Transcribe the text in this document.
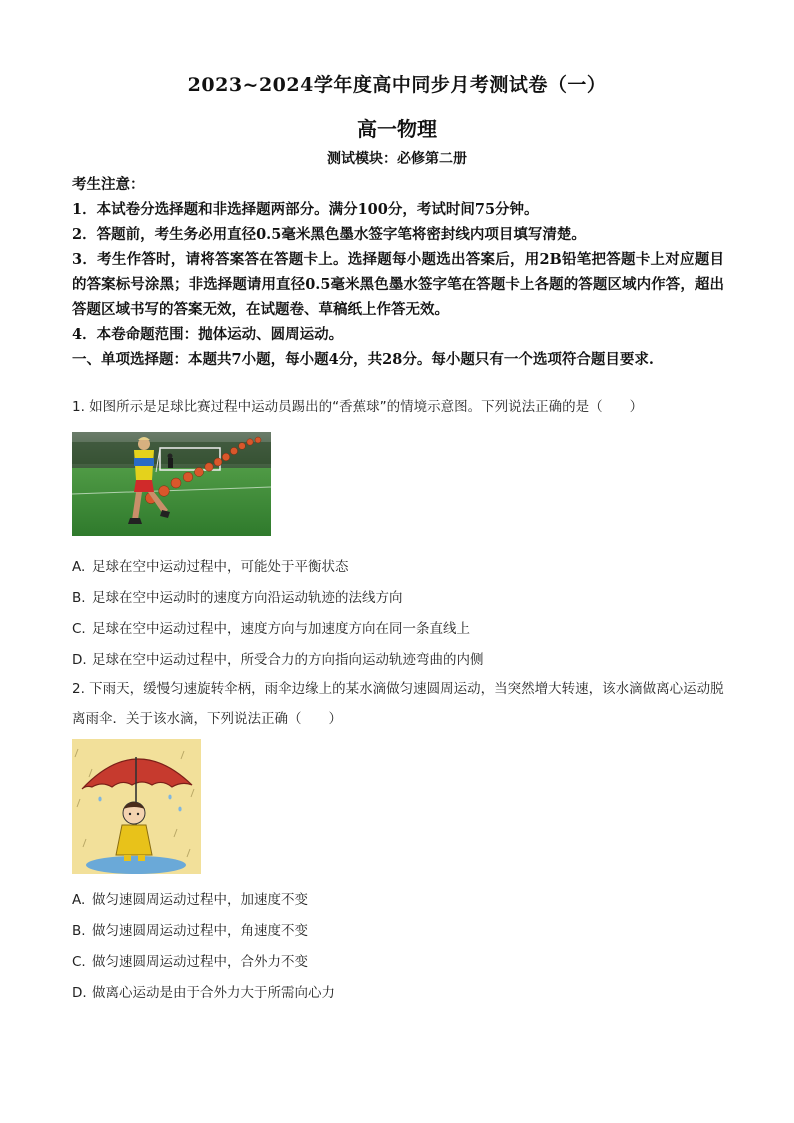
2023~2024学年度高中同步月考测试卷（一）
高一物理
测试模块：必修第二册

考生注意：

1．本试卷分选择题和非选择题两部分。满分100分，考试时间75分钟。

2．答题前，考生务必用直径0.5毫米黑色墨水签字笔将密封线内项目填写清楚。

3．考生作答时，请将答案答在答题卡上。选择题每小题选出答案后，用2B铅笔把答题卡上对应题目的答案标号涂黑；非选择题请用直径0.5毫米黑色墨水签字笔在答题卡上各题的答题区域内作答，超出答题区域书写的答案无效，在试题卷、草稿纸上作答无效。

4．本卷命题范围：抛体运动、圆周运动。

一、单项选择题：本题共7小题，每小题4分，共28分。每小题只有一个选项符合题目要求.

1. 如图所示是足球比赛过程中运动员踢出的“香蕉球”的情境示意图。下列说法正确的是（　　）
A. 足球在空中运动过程中，可能处于平衡状态
B. 足球在空中运动时的速度方向沿运动轨迹的法线方向
C. 足球在空中运动过程中，速度方向与加速度方向在同一条直线上
D. 足球在空中运动过程中，所受合力的方向指向运动轨迹弯曲的内侧
2. 下雨天，缓慢匀速旋转伞柄，雨伞边缘上的某水滴做匀速圆周运动，当突然增大转速，该水滴做离心运动脱离雨伞．关于该水滴，下列说法正确（　　）
A. 做匀速圆周运动过程中，加速度不变
B. 做匀速圆周运动过程中，角速度不变
C. 做匀速圆周运动过程中，合外力不变
D. 做离心运动是由于合外力大于所需向心力
